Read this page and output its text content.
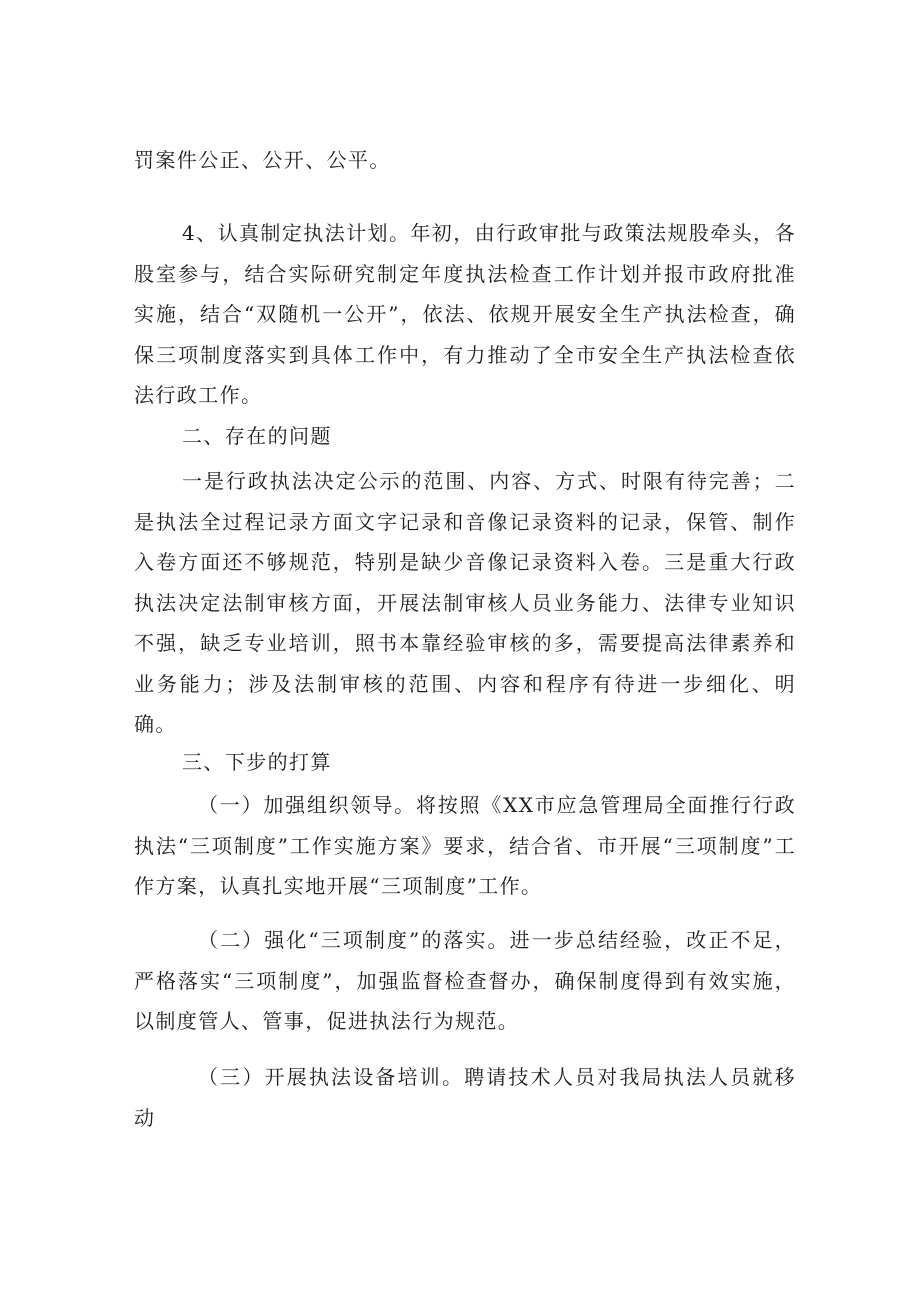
罚案件公正、公开、公平。

4、认真制定执法计划。年初，由行政审批与政策法规股牵头，各股室参与，结合实际研究制定年度执法检查工作计划并报市政府批准实施，结合“双随机一公开”，依法、依规开展安全生产执法检查，确保三项制度落实到具体工作中，有力推动了全市安全生产执法检查依法行政工作。

二、存在的问题

一是行政执法决定公示的范围、内容、方式、时限有待完善；二是执法全过程记录方面文字记录和音像记录资料的记录，保管、制作入卷方面还不够规范，特别是缺少音像记录资料入卷。三是重大行政执法决定法制审核方面，开展法制审核人员业务能力、法律专业知识不强，缺乏专业培训，照书本靠经验审核的多，需要提高法律素养和业务能力；涉及法制审核的范围、内容和程序有待进一步细化、明确。

三、下步的打算

（一）加强组织领导。将按照《XX市应急管理局全面推行行政执法“三项制度”工作实施方案》要求，结合省、市开展“三项制度”工作方案，认真扎实地开展“三项制度”工作。

（二）强化“三项制度”的落实。进一步总结经验，改正不足，严格落实“三项制度”，加强监督检查督办，确保制度得到有效实施，以制度管人、管事，促进执法行为规范。

（三）开展执法设备培训。聘请技术人员对我局执法人员就移动
